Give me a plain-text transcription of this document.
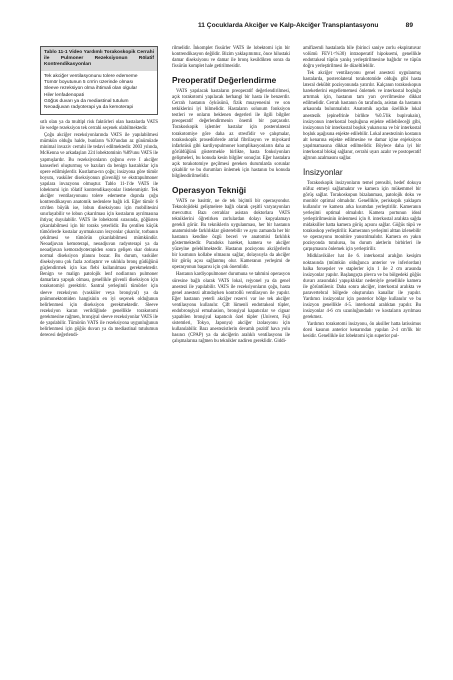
11 Çocuklarda Akciğer ve Kalp-Akciğer Transplantasyonu	89
Tablo 11-1 Video Yardımlı Torakoskopik Cerrahi ile Pulmoner Rezeksiyonun Rölatif Kontrendikasyonları
Tek akciğer ventilasyonunu tolere edememe
Tümör boyutunun 5 cm'in üzerinde olması
Sleeve rezeksiyon olma ihtimali olan olgular
Hiler lenfadenopati
Göğüs duvarı ya da mediastinal tutulum
Neoadjuvan radyoterapi ya da kemoterapi

sıtlı olan ya da multipl risk faktörleri olan hastalarda VATS ile wedge rezeksiyon tek cerrahi seçenek olabilmektedir.

Çoğu akciğer rezeksiyonlarında VATS ile yapılabilmesi mümkün olduğu halde, bunların %10'undan az günümüzde minimal invaziv cerrahi ile tedavi edilmektedir. 2003 yılında, McKenna ve arkadaşları 224 lobektominin %89'unu VATS ile yapmışlardır. Bu rezeksiyonların çoğunu evre I akciğer kanserleri oluşturmuş ve bazıları da benign hastalıklar için opere edilmişlerdir. Kustlama-rın çoğu; insizyona göre tümör boyutu, vasküler diseksiyonun güvenliği ve ekstrapulmoner yapılara invazyonu olmuştur. Tablo 11-1'de VATS ile lobektomi için rölatif kontrendikasyonlar listelenmiştir. Tek akciğer ventilasyonunu tolere edememe dışında çoğu kontrendikasyon anatomik nedenlere bağlı idi. Eğer tümör 6 cm'den büyük ise, lobun diseksiyonu için mobilitesini sınırlayabilir ve lobun çıkarılması için kostaların ayrılmasına ihtiyaç duyulabilir. VATS ile lobektomi sırasında, göğüsten çıkarılabilmesi için bir toraks yeterlidir. Bu çentilen küçük tümörlerde kostalar ayırmaksızın lezyonlar çıkarılır, torbanın çekilmesi ve tümörün çıkarılabilmesi mümkündür. Neoadjuvan kemoterapi, neoadjuvan radyoterapi ya da neoadjuvan kemoradyoterapiden sonra gelişen skar dokusu normal diseksiyon planını bozar. Bu durum, vasküler diseksiyonu çok fazla zorlaştırır ve sıklıkla bronş güdüğünü güçlendirmek için kas flebi kullanılması gerekmektedir. Benign ve malign patolojik lenf nodlarının pulmoner damarlara yapışık olması, genellikle güvenli diseksiyon için torakotomiyi gerektirir. Santral yerleşimli tümörler için sleeve rezeksiyon (vasküler veya bronşiyal) ya da pnömonektomiden hangisinin en iyi seçenek olduğunun belirlenmesi için diseksiyon gerekmektedir. Sleeve rezeksiyon kararı verildiğinde genellikle torakotomi gerekmesine rağmen, bronşiyal sleeve rezeksiyonlar VATS ile de yapılabilir. Tümörün VATS ile rezeksiyona uygunluğunun belirlenmesi için göğüs duvarı ya da mediastinal tutulumun derecesi değerlendi-

rilmelidir. İnkomplet fissürler VATS ile lobektomi için bir kontrendikasyon değildir. Bizim yaklaşımımız, önce hilustaki damar diseksiyonu ve damar ile bronş kesildikten sonra da fissürün komplet hale getirilmesidir.

Preoperatif Değerlendirme

VATS yapılacak hastaların preoperatif değerlendirilmesi, açık torakotomi yapılacak herhangi bir hasta ile benzerdir. Cerrah hastanın öyküsünü, fizik muayenesini ve son tetkiklerini iyi bilmelidir. Hastaların solunum fonksiyon testleri ve onların beklenen degerleri ile ilgili bilgiler preoperatif değerlendirmenin önemli bir parçasıdır. Torakoskopik işlemler hastalar için posterolateral torakotomiye göre daha az stresfidir ve çalışmalar, torakoskopik prosedürlerde atrial fibrilasyon ve miyokard infarktüsü gibi kardiyopulmoner komplikasyonların daha az görüldüğünü göstermekle birlikte, hasta fonksiyonları gelişmeleri, bu konuda kesin bilgiler sonuçlar. Eğer hastalara açık torakotomiye geçilmesi gereken durumlarda sorunlar çıkabilir ve bu durumları önlemek için hastanın bu konuda bilgilendirilmelidir.

Operasyon Tekniği

VATS ne basittir, ne de tek biçimli bir operasyondur. Teknolojideki gelişmelere bağlı olarak çeşitli varyasyonları mevcuttur. Bazı cerrahlar asistan doktorlara VATS tekniklerini öğretirken zorlulardan dolayı kopyalamayı gerekli görür. Bu tekniklerin uygulanması, her bir hastanın anatomisinde farklılıklar gösterebilir ve aynı zamanda her bir hastanın kendine özgü beceri ve anatomisi farklılık göstermektedir. Paradoks hareket, kamera ve akciğer yüzeyine gelebilmektedir. Hastanın pozisyonu akciğerlerin bir kısmının kollabe olmasını sağlar, dolayısıyla da akciğer bir görüş açısı sağlanmış olur. Kameranın yerleşimi de operasyonun başarısı için çok önemlidir.

Hastanın kardiyopulmoner durumuna ve tahmini operasyon süresine bağlı olarak VATS lokal, rejyonel ya da genel anestezi ile yapılabilir. VATS ile rezeksiyonların çoğu, hasta genel anestezi altındayken kontrollü ventilasyon ile yapılır. Eğer hastanın yeterli akciğer rezervi var ise tek akciğer ventilasyonu kullanılır. Çift lümenli endotrakeal tüpler, endobronşiyal ermahasion, bronşiyal kapatıcılar ve ciguar yapabilen bronşiyal kapatıcılı özel tüpler (Univent, Fuji sistemleri, Tokyo, Japonya) akciğer izolasyonu için kullanılabilir. Bazı anestezistlerin devamlı pozitif hava yolu basıncı (CPAP) ya da akciğerin aralıklı ventilasyonu ile çalışmalarına rağmen bu teknikler nadiren gereklidir. Giddi-

amifizemli hastalarda bile (birinci saniye zorlu ekspiratuvar volümü FEV1<%30) intraoperatif hipoksemi, genellikle endotrakeal tüpün yanlış yerleştirilmesine bağlıdır ve tüpün doğru yerleştirilmesi ile düzeltilebilir.

Tek akciğer ventilasyonu genel anestezi uygulanmış hastalarda, posterolateral torakotomide olduğu gibi hasta lateral dekübit pozisyonunda yatırılır. Kalçanın torakoskopun hareketlerini engellememesi önlemek ve interkostal boşluğu artırmak için, hastanın tam yarı çevrilmesine dikkat edilmelidir. Cerrah hastanın ön tarafında, asistan da hastanın arkasında bulunmalıdır. Anatomik açıdan özellikle lokal anestezik (epinefrinle birlikte %0.5'lik bupivakain), insizyonun interkostal boşluğuna enjekte edilebileceği gibi, insizyonun bir interkostal boşluk yukarısına ve bir interkostal boşluk aşağısına enjekte edilebilir. Lokal anestezinin kostanın alt kenarına enjekte edilmesine ve damar içine enjeksiyon yapılmamasına dikkat edilmelidir. Böylece daha iyi bir interkostal blokaj sağlanır, cerrahi uyarı azalır ve postoperatif ağrının azalmasını sağlar.

İnsizyonlar

Torakoskopik insizyonların temel prensibi, hedef dokuya nüfuz etmeyi sağlamaktır ve kamera için mükemmel bir görüş sağlar. Torakoskopun bizalanması, patolojik doku ve monitör optimal olmalıdır. Genellikle, periskopik yaklaşım kullanılır ve kamera arka kısımdan yerleştirilir. Kameranın yerleşimi optimal olmalıdır. Kamera portunun ideal yerleştirilmesinin önlenmesi için 8. interkostal aralıkta sağda midaksiller hatta kamera görüş açısını sağlar. Göğüs tüpü ve torakoskop yerleştirilir. Kameranın yerleşimi alttan izlenebilir ve operasyonu monitöre yansıtılmalıdır. Kamera en yakın pozisyonda tutulursa, bu durum aletlerin birbirleri ile çarpışmasını önlemek için yerleştirilir.

Midklaviküler hat ile 6. interkostal aralığın kesişim noktasında (mümkün olduğunca anterior ve inferiordan) halka forsepsler ve staplerler için 1 ile 2 cm arasında insizyonlar yapılır. Başlangıçta plevra ve bu bölgedeki göğüs duvarı arasındaki yapışıklıklar nedeniyle genellikle kamera ile görüntülenir. Daha sonra akciğer, interkostal aralıkta ve paravertebral bölgede oluşturulan kanallar ile yapılır. Yardımcı insizyonlar için posterior bölge kullanılır ve bu insizyon genellikle 4-5. interkostal aralıktan yapılır. Bu insizyonlar 4-6 cm uzunluğundadır ve kostaların ayrılması gerekmez.

Yardımcı torakotomi insizyonu, ön aksiller hatta latissimus dorsi kasının anterior kenarından yapılan 2-4 cm'lik bir kesidir. Genellikle üst lobektomi için superior pul-
